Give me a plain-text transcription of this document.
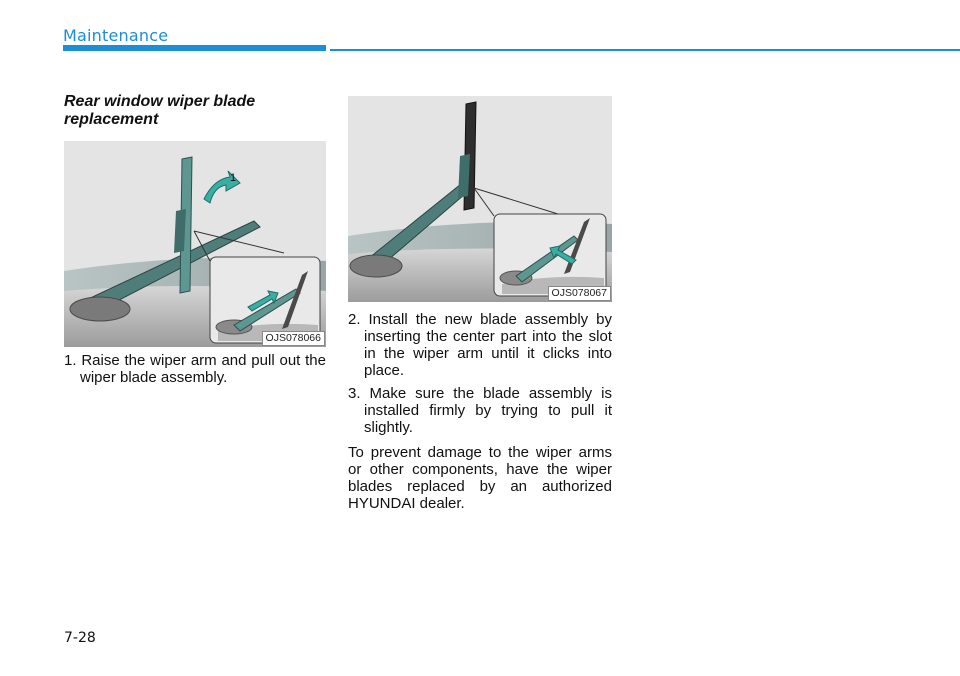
Maintenance
Rear window wiper blade replacement
1
OJS078066

1. Raise the wiper arm and pull out the wiper blade assembly.

OJS078067

2. Install the new blade assembly by inserting the center part into the slot in the wiper arm until it clicks into place.

3. Make sure the blade assembly is installed firmly by trying to pull it slightly.

To prevent damage to the wiper arms or other components, have the wiper blades replaced by an authorized HYUNDAI dealer.

7-28
